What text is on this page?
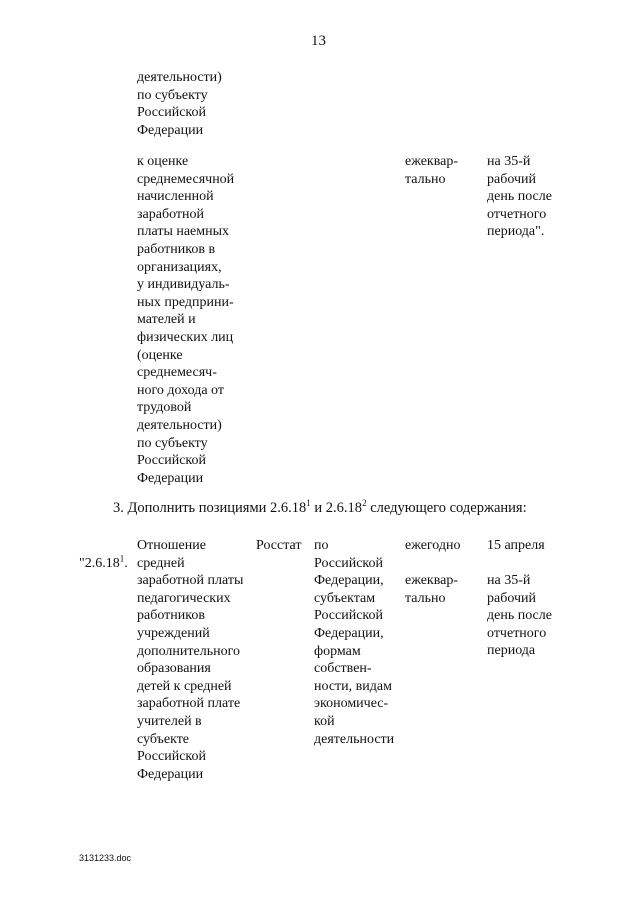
13
деятельности)
по субъекту
Российской
Федерации
к оценке
среднемесячной
начисленной
заработной
платы наемных
работников в
организациях,
у индивидуаль-
ных предприни-
мателей и
физических лиц
(оценке
среднемесяч-
ного дохода от
трудовой
деятельности)
по субъекту
Российской
Федерации
ежеквар-
тально
на 35-й
рабочий
день после
отчетного
периода".
3. Дополнить позициями 2.6.18$^1$ и 2.6.18$^2$ следующего содержания:

"2.6.18$^1$.

Отношение
средней
заработной платы
педагогических
работников
учреждений
дополнительного
образования
детей к средней
заработной плате
учителей в
субъекте
Российской
Федерации
Росстат по
Российской
Федерации,
субъектам
Российской
Федерации,
формам
собствен-
ности, видам
экономичес-
кой
деятельности
ежегодно
ежеквар-
тально
15 апреля
на 35-й
рабочий
день после
отчетного
периода
3131233.doc
